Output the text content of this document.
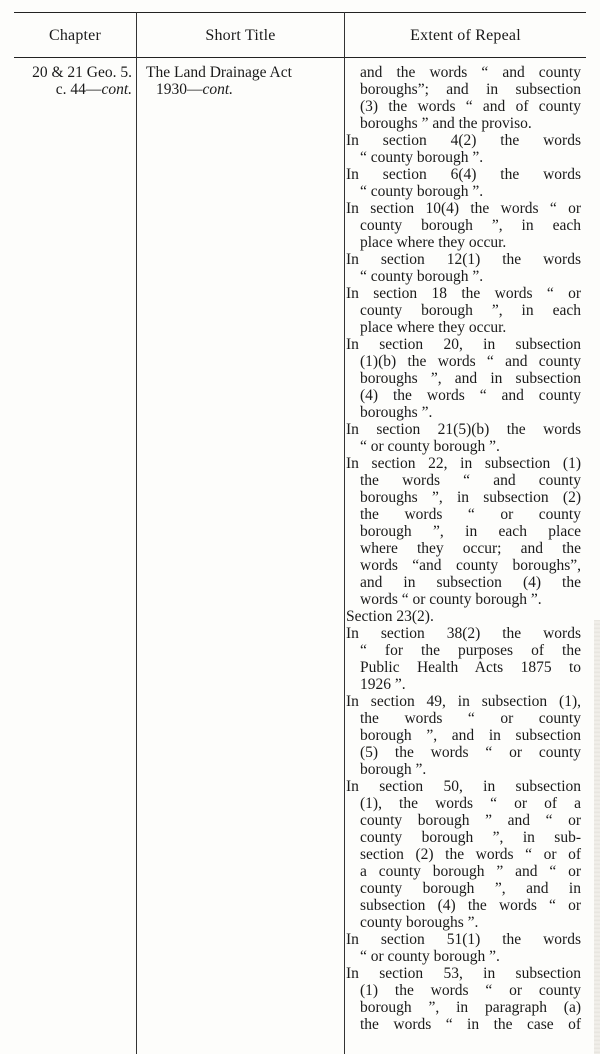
Chapter	Short Title	Extent of Repeal
20 & 21 Geo. 5.
c. 44—cont.
The Land Drainage Act
1930—cont.
and the words “ and county
boroughs”; and in subsection
(3) the words “ and of county
boroughs ” and the proviso.
In section 4(2) the words
“ county borough ”.
In section 6(4) the words
“ county borough ”.
In section 10(4) the words “ or
county borough ”, in each
place where they occur.
In section 12(1) the words
“ county borough ”.
In section 18 the words “ or
county borough ”, in each
place where they occur.
In section 20, in subsection
(1)(b) the words “ and county
boroughs ”, and in subsection
(4) the words “ and county
boroughs ”.
In section 21(5)(b) the words
“ or county borough ”.
In section 22, in subsection (1)
the words “ and county
boroughs ”, in subsection (2)
the words “ or county
borough ”, in each place
where they occur; and the
words “and county boroughs”,
and in subsection (4) the
words “ or county borough ”.
Section 23(2).
In section 38(2) the words
“ for the purposes of the
Public Health Acts 1875 to
1926 ”.
In section 49, in subsection (1),
the words “ or county
borough ”, and in subsection
(5) the words “ or county
borough ”.
In section 50, in subsection
(1), the words “ or of a
county borough ” and “ or
county borough ”, in sub-
section (2) the words “ or of
a county borough ” and “ or
county borough ”, and in
subsection (4) the words “ or
county boroughs ”.
In section 51(1) the words
“ or county borough ”.
In section 53, in subsection
(1) the words “ or county
borough ”, in paragraph (a)
the words “ in the case of
